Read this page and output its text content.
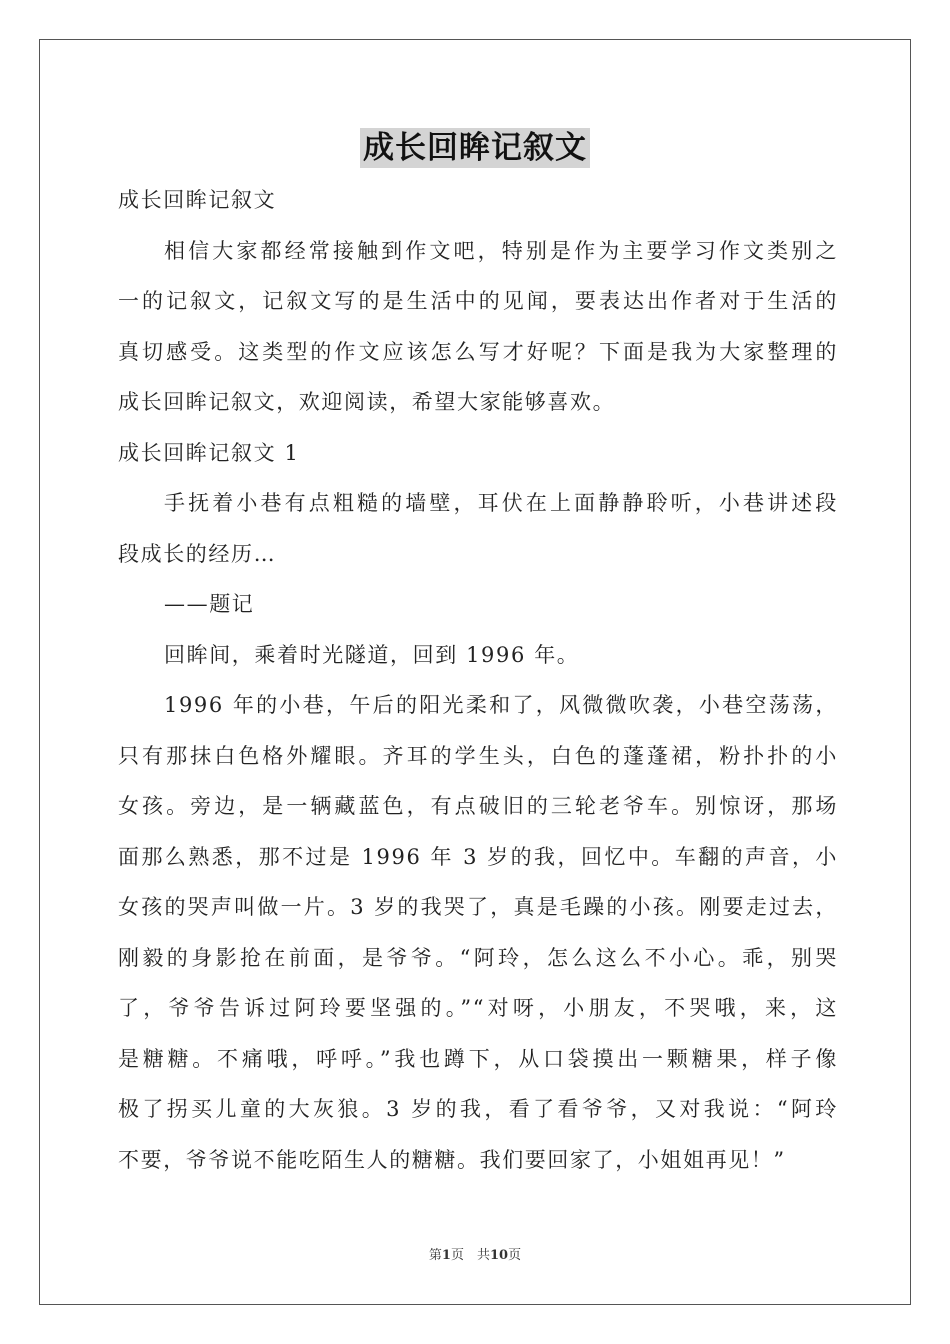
成长回眸记叙文
成长回眸记叙文
相信大家都经常接触到作文吧，特别是作为主要学习作文类别之
一的记叙文，记叙文写的是生活中的见闻，要表达出作者对于生活的
真切感受。这类型的作文应该怎么写才好呢？下面是我为大家整理的
成长回眸记叙文，欢迎阅读，希望大家能够喜欢。
成长回眸记叙文 1
手抚着小巷有点粗糙的墙壁，耳伏在上面静静聆听，小巷讲述段
段成长的经历…
——题记
回眸间，乘着时光隧道，回到 1996 年。
1996 年的小巷，午后的阳光柔和了，风微微吹袭，小巷空荡荡，
只有那抹白色格外耀眼。齐耳的学生头，白色的蓬蓬裙，粉扑扑的小
女孩。旁边，是一辆藏蓝色，有点破旧的三轮老爷车。别惊讶，那场
面那么熟悉，那不过是 1996 年 3 岁的我，回忆中。车翻的声音，小
女孩的哭声叫做一片。3 岁的我哭了，真是毛躁的小孩。刚要走过去，
刚毅的身影抢在前面，是爷爷。“阿玲，怎么这么不小心。乖，别哭
了，爷爷告诉过阿玲要坚强的。”“对呀，小朋友，不哭哦，来，这
是糖糖。不痛哦，呼呼。”我也蹲下，从口袋摸出一颗糖果，样子像
极了拐买儿童的大灰狼。3 岁的我，看了看爷爷，又对我说：“阿玲
不要，爷爷说不能吃陌生人的糖糖。我们要回家了，小姐姐再见！”
第1页　共10页
